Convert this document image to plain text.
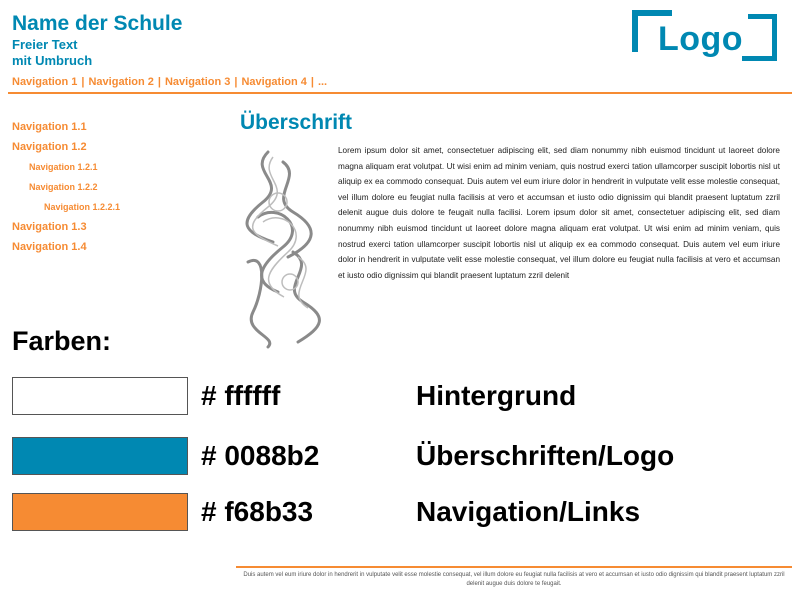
Name der Schule
Freier Text
mit Umbruch
Logo
Navigation 1 | Navigation 2 | Navigation 3 | Navigation 4 | ...
Navigation 1.1
Navigation 1.2
Navigation 1.2.1
Navigation 1.2.2
Navigation 1.2.2.1
Navigation 1.3
Navigation 1.4
Überschrift
Lorem ipsum dolor sit amet, consectetuer adipiscing elit, sed diam nonummy nibh euismod tincidunt ut laoreet dolore magna aliquam erat volutpat. Ut wisi enim ad minim veniam, quis nostrud exerci tation ullamcorper suscipit lobortis nisl ut aliquip ex ea commodo consequat. Duis autem vel eum iriure dolor in hendrerit in vulputate velit esse molestie consequat, vel illum dolore eu feugiat nulla facilisis at vero et accumsan et iusto odio dignissim qui blandit praesent luptatum zzril delenit augue duis dolore te feugait nulla facilisi. Lorem ipsum dolor sit amet, consectetuer adipiscing elit, sed diam nonummy nibh euismod tincidunt ut laoreet dolore magna aliquam erat volutpat. Ut wisi enim ad minim veniam, quis nostrud exerci tation ullamcorper suscipit lobortis nisl ut aliquip ex ea commodo consequat. Duis autem vel eum iriure dolor in hendrerit in vulputate velit esse molestie consequat, vel illum dolore eu feugiat nulla facilisis at vero et accumsan et iusto odio dignissim qui blandit praesent luptatum zzril delenit
Farben:
# ffffff	Hintergrund
# 0088b2	Überschriften/Logo
# f68b33	Navigation/Links
Duis autem vel eum iriure dolor in hendrerit in vulputate velit esse molestie consequat, vel illum dolore eu feugiat nulla facilisis at vero et accumsan et iusto odio dignissim qui blandit praesent luptatum zzril delenit augue duis dolore te feugait.
